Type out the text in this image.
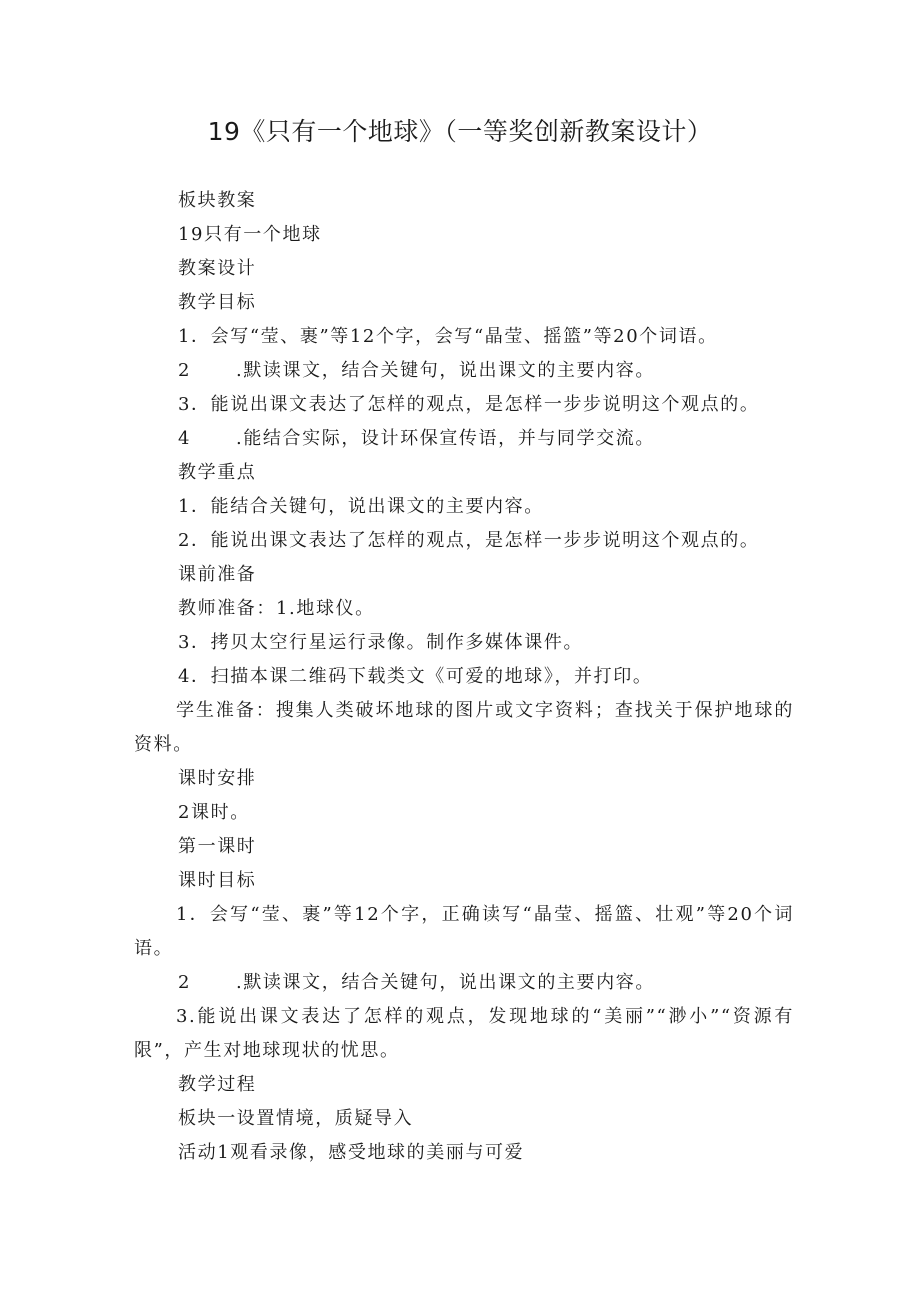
19《只有一个地球》（一等奖创新教案设计）
板块教案
19只有一个地球
教案设计
教学目标
1．会写“莹、裹”等12个字，会写“晶莹、摇篮”等20个词语。
2 .默读课文，结合关键句，说出课文的主要内容。
3．能说出课文表达了怎样的观点，是怎样一步步说明这个观点的。
4 .能结合实际，设计环保宣传语，并与同学交流。
教学重点
1．能结合关键句，说出课文的主要内容。
2．能说出课文表达了怎样的观点，是怎样一步步说明这个观点的。
课前准备
教师准备：1.地球仪。
3．拷贝太空行星运行录像。制作多媒体课件。
4．扫描本课二维码下载类文《可爱的地球》，并打印。
学生准备：搜集人类破坏地球的图片或文字资料；查找关于保护地球的资料。
课时安排
2课时。
第一课时
课时目标
1．会写“莹、裹”等12个字，正确读写“晶莹、摇篮、壮观”等20个词语。
2 .默读课文，结合关键句，说出课文的主要内容。
3.能说出课文表达了怎样的观点，发现地球的“美丽”“渺小”“资源有限”，产生对地球现状的忧思。
教学过程
板块一设置情境，质疑导入
活动1观看录像，感受地球的美丽与可爱
